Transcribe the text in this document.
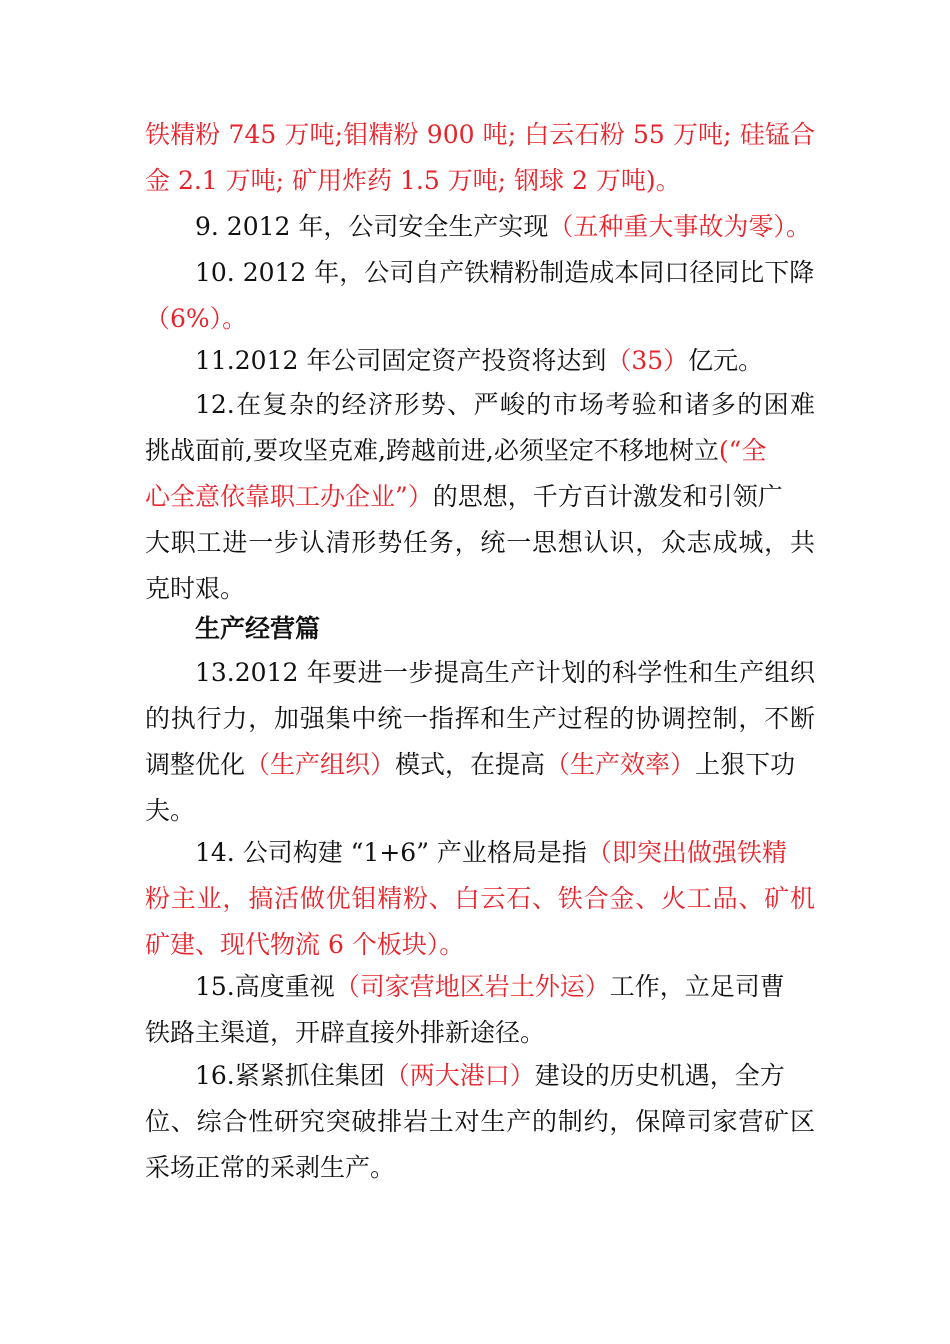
铁精粉 745 万吨;钼精粉 900 吨; 白云石粉 55 万吨; 硅锰合
金 2.1 万吨; 矿用炸药 1.5 万吨; 钢球 2 万吨)。

9. 2012 年，公司安全生产实现（五种重大事故为零）。

10. 2012 年，公司自产铁精粉制造成本同口径同比下降
（6%）。

11.2012 年公司固定资产投资将达到（35）亿元。

12.在复杂的经济形势、严峻的市场考验和诸多的困难
挑战面前,要攻坚克难,跨越前进,必须坚定不移地树立(“全
心全意依靠职工办企业”）的思想，千方百计激发和引领广
大职工进一步认清形势任务，统一思想认识，众志成城，共
克时艰。

生产经营篇

13.2012 年要进一步提高生产计划的科学性和生产组织
的执行力，加强集中统一指挥和生产过程的协调控制，不断
调整优化（生产组织）模式，在提高（生产效率）上狠下功
夫。

14. 公司构建 “1+6” 产业格局是指（即突出做强铁精
粉主业，搞活做优钼精粉、白云石、铁合金、火工品、矿机
矿建、现代物流 6 个板块）。

15.高度重视（司家营地区岩土外运）工作，立足司曹
铁路主渠道，开辟直接外排新途径。

16.紧紧抓住集团（两大港口）建设的历史机遇，全方
位、综合性研究突破排岩土对生产的制约，保障司家营矿区
采场正常的采剥生产。
